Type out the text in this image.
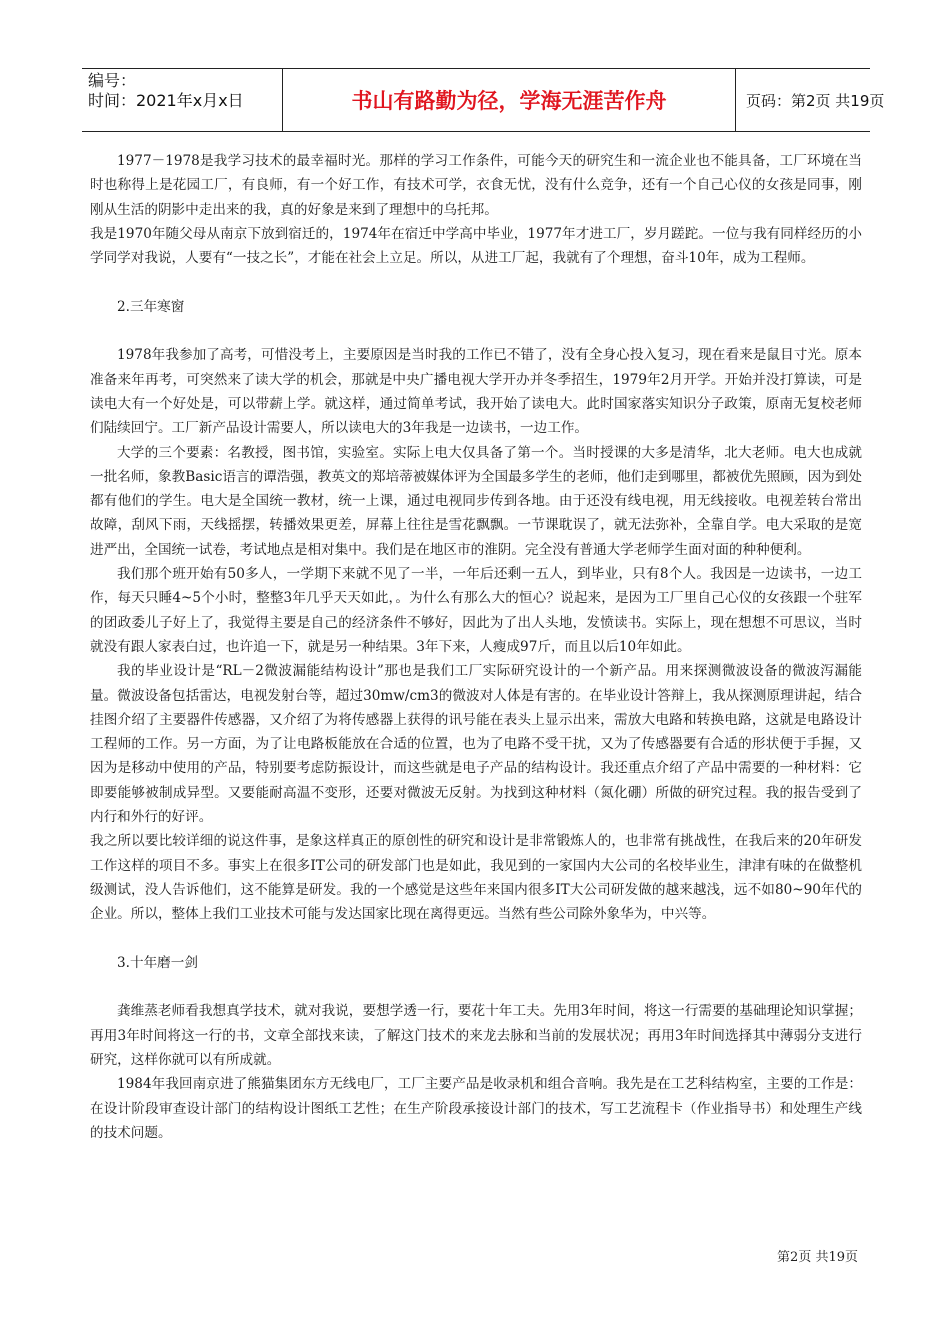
编号：
时间：2021年x月x日	书山有路勤为径，学海无涯苦作舟	页码：第2页 共19页

1977－1978是我学习技术的最幸福时光。那样的学习工作条件，可能今天的研究生和一流企业也不能具备，工厂环境在当时也称得上是花园工厂，有良师，有一个好工作，有技术可学，衣食无忧，没有什么竞争，还有一个自己心仪的女孩是同事，刚刚从生活的阴影中走出来的我，真的好象是来到了理想中的乌托邦。

我是1970年随父母从南京下放到宿迁的，1974年在宿迁中学高中毕业，1977年才进工厂，岁月蹉跎。一位与我有同样经历的小学同学对我说，人要有“一技之长”，才能在社会上立足。所以，从进工厂起，我就有了个理想，奋斗10年，成为工程师。

2.三年寒窗

1978年我参加了高考，可惜没考上，主要原因是当时我的工作已不错了，没有全身心投入复习，现在看来是鼠目寸光。原本准备来年再考，可突然来了读大学的机会，那就是中央广播电视大学开办并冬季招生，1979年2月开学。开始并没打算读，可是读电大有一个好处是，可以带薪上学。就这样，通过简单考试，我开始了读电大。此时国家落实知识分子政策，原南无复校老师们陆续回宁。工厂新产品设计需要人，所以读电大的3年我是一边读书，一边工作。

大学的三个要素：名教授，图书馆，实验室。实际上电大仅具备了第一个。当时授课的大多是清华，北大老师。电大也成就一批名师，象教Basic语言的谭浩强，教英文的郑培蒂被媒体评为全国最多学生的老师，他们走到哪里，都被优先照顾，因为到处都有他们的学生。电大是全国统一教材，统一上课，通过电视同步传到各地。由于还没有线电视，用无线接收。电视差转台常出故障，刮风下雨，天线摇摆，转播效果更差，屏幕上往往是雪花飘飘。一节课耽误了，就无法弥补，全靠自学。电大采取的是宽进严出，全国统一试卷，考试地点是相对集中。我们是在地区市的淮阴。完全没有普通大学老师学生面对面的种种便利。

我们那个班开始有50多人，一学期下来就不见了一半，一年后还剩一五人，到毕业，只有8个人。我因是一边读书，一边工作，每天只睡4~5个小时，整整3年几乎天天如此，。为什么有那么大的恒心？说起来，是因为工厂里自己心仪的女孩跟一个驻军的团政委儿子好上了，我觉得主要是自己的经济条件不够好，因此为了出人头地，发愤读书。实际上，现在想想不可思议，当时就没有跟人家表白过，也许追一下，就是另一种结果。3年下来，人瘦成97斤，而且以后10年如此。

我的毕业设计是“RL－2微波漏能结构设计”那也是我们工厂实际研究设计的一个新产品。用来探测微波设备的微波泻漏能量。微波设备包括雷达，电视发射台等，超过30mw/cm3的微波对人体是有害的。在毕业设计答辩上，我从探测原理讲起，结合挂图介绍了主要器件传感器，又介绍了为将传感器上获得的讯号能在表头上显示出来，需放大电路和转换电路，这就是电路设计工程师的工作。另一方面，为了让电路板能放在合适的位置，也为了电路不受干扰，又为了传感器要有合适的形状便于手握，又因为是移动中使用的产品，特别要考虑防振设计，而这些就是电子产品的结构设计。我还重点介绍了产品中需要的一种材料：它即要能够被制成异型。又要能耐高温不变形，还要对微波无反射。为找到这种材料（氮化硼）所做的研究过程。我的报告受到了内行和外行的好评。

我之所以要比较详细的说这件事，是象这样真正的原创性的研究和设计是非常锻炼人的，也非常有挑战性，在我后来的20年研发工作这样的项目不多。事实上在很多IT公司的研发部门也是如此，我见到的一家国内大公司的名校毕业生，津津有味的在做整机级测试，没人告诉他们，这不能算是研发。我的一个感觉是这些年来国内很多IT大公司研发做的越来越浅，远不如80~90年代的企业。所以，整体上我们工业技术可能与发达国家比现在离得更远。当然有些公司除外象华为，中兴等。

3.十年磨一剑

龚维蒸老师看我想真学技术，就对我说，要想学透一行，要花十年工夫。先用3年时间，将这一行需要的基础理论知识掌握；再用3年时间将这一行的书，文章全部找来读，了解这门技术的来龙去脉和当前的发展状况；再用3年时间选择其中薄弱分支进行研究，这样你就可以有所成就。

1984年我回南京进了熊猫集团东方无线电厂，工厂主要产品是收录机和组合音响。我先是在工艺科结构室，主要的工作是：在设计阶段审查设计部门的结构设计图纸工艺性；在生产阶段承接设计部门的技术，写工艺流程卡（作业指导书）和处理生产线的技术问题。

第2页 共19页
